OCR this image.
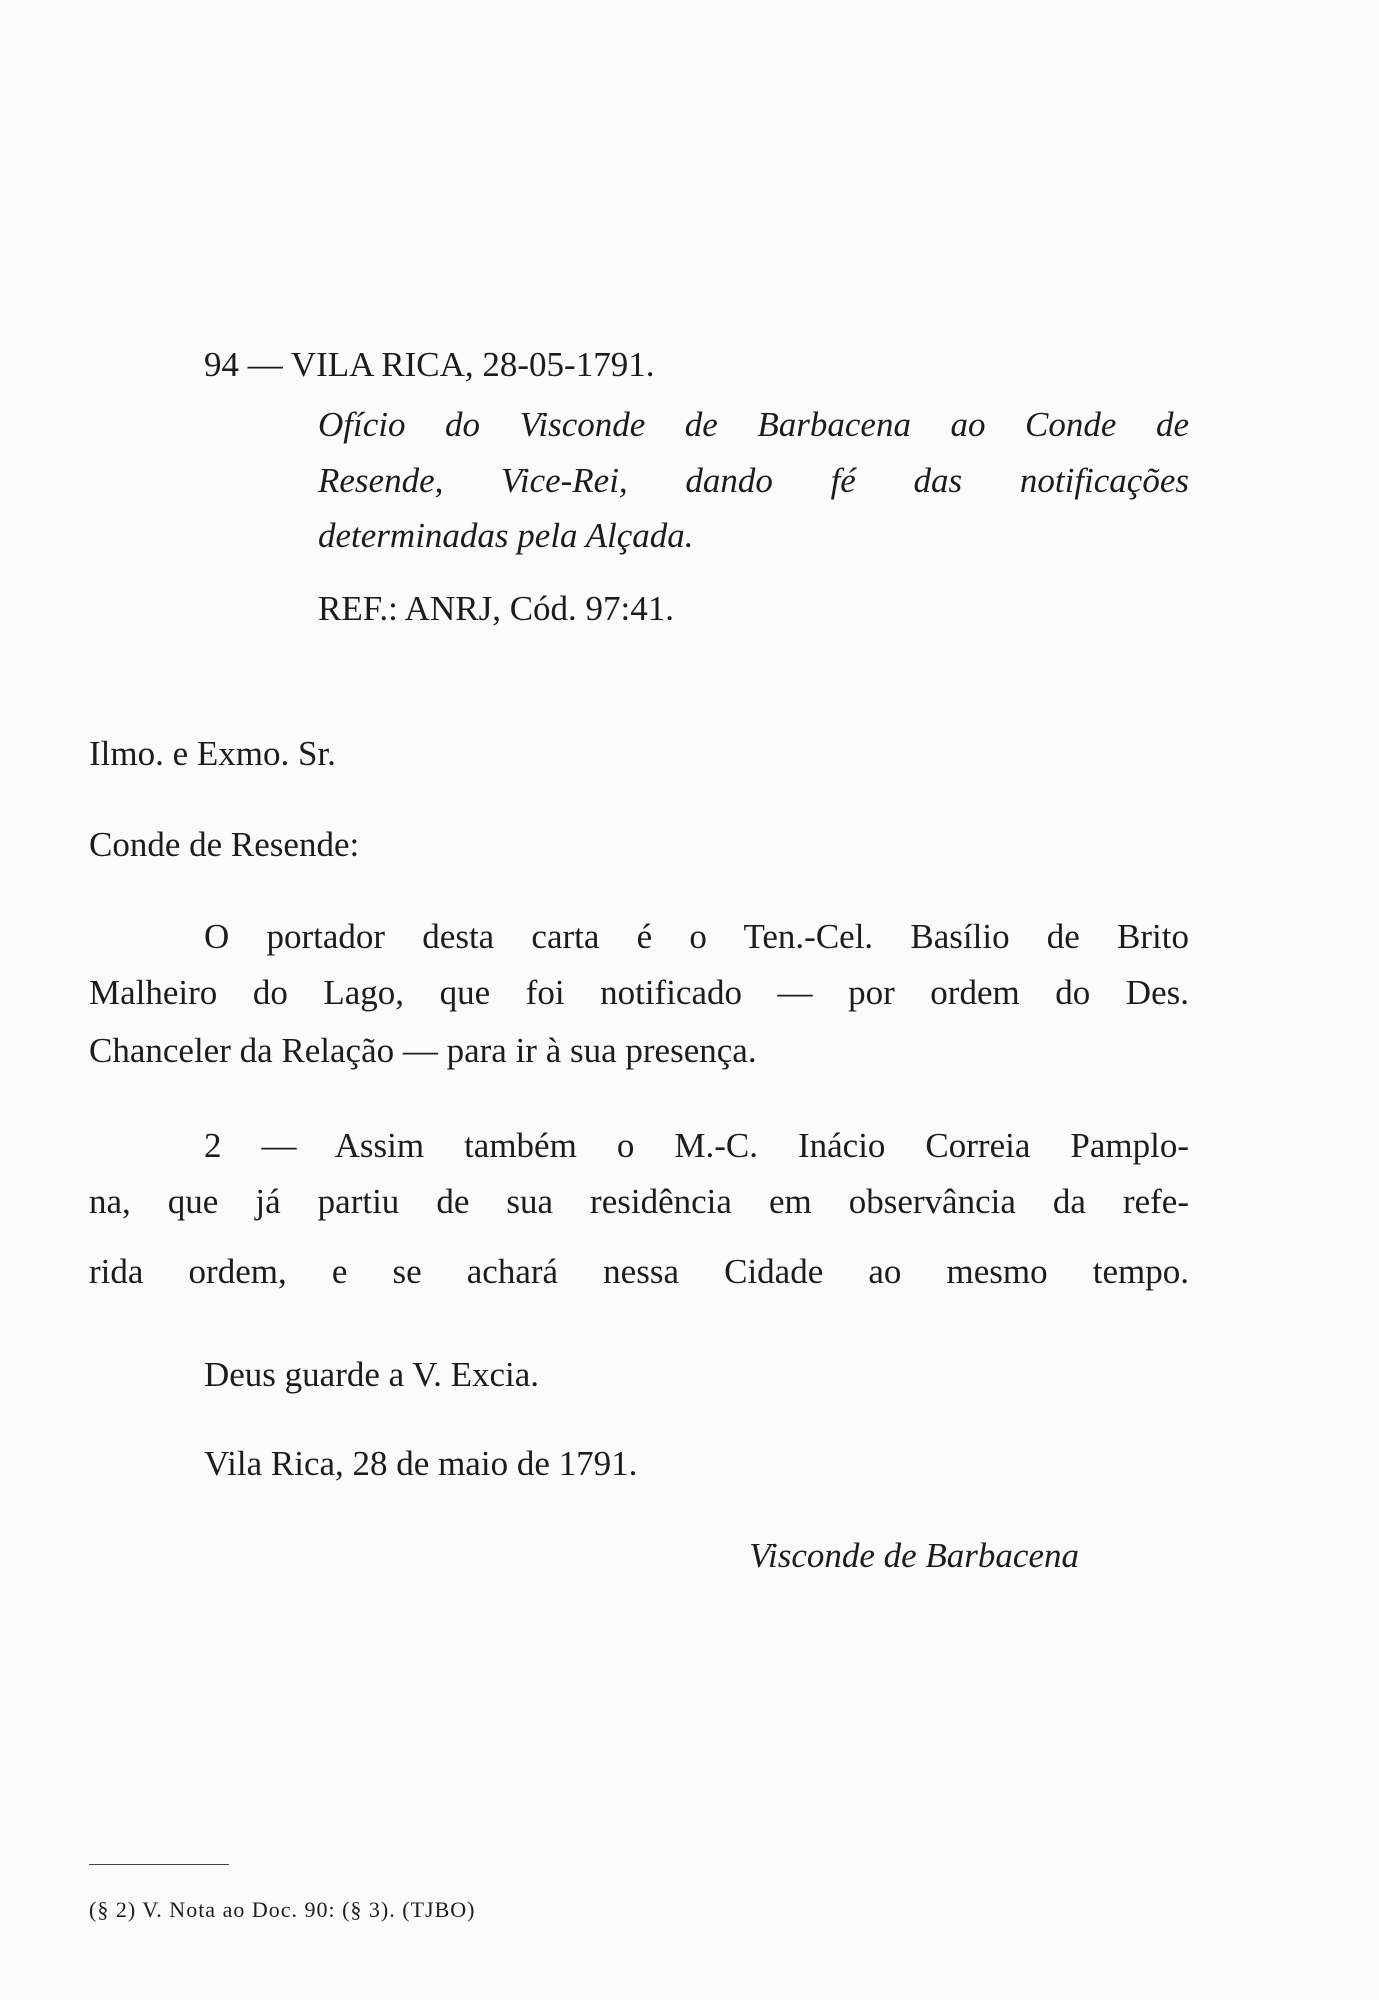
94 — VILA RICA, 28-05-1791.
Ofício do Visconde de Barbacena ao Conde de
Resende, Vice-Rei, dando fé das notificações
determinadas pela Alçada.
REF.: ANRJ, Cód. 97:41.
Ilmo. e Exmo. Sr.
Conde de Resende:
O portador desta carta é o Ten.-Cel. Basílio de Brito
Malheiro do Lago, que foi notificado — por ordem do Des.
Chanceler da Relação — para ir à sua presença.
2 — Assim também o M.-C. Inácio Correia Pamplo-
na, que já partiu de sua residência em observância da refe-
rida ordem, e se achará nessa Cidade ao mesmo tempo.
Deus guarde a V. Excia.
Vila Rica, 28 de maio de 1791.
Visconde de Barbacena
(§ 2) V. Nota ao Doc. 90: (§ 3). (TJBO)
